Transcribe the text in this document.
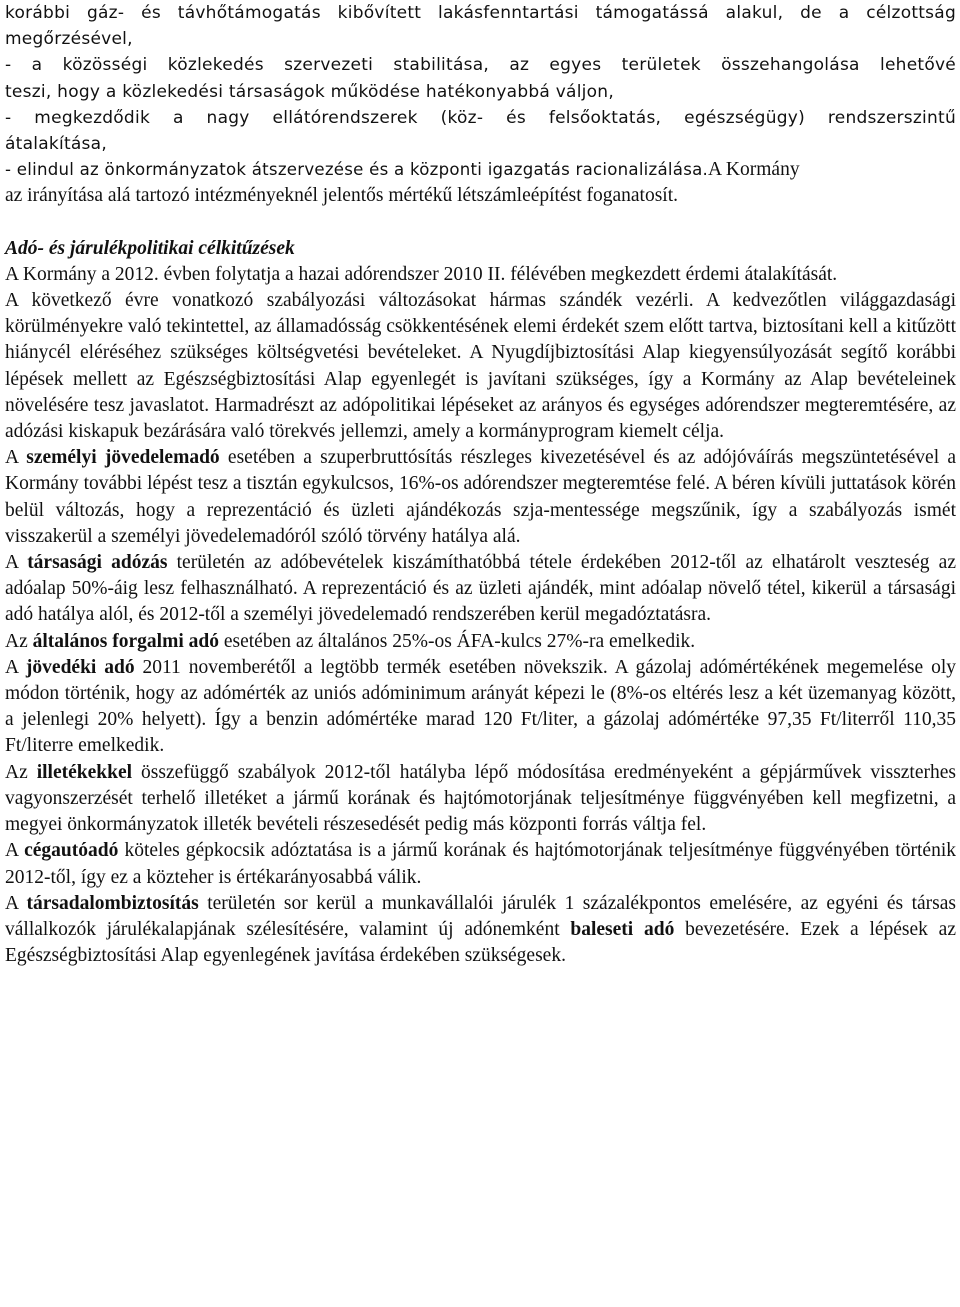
korábbi gáz- és távhőtámogatás kibővített lakásfenntartási támogatássá alakul, de a célzottság
megőrzésével,
- a közösségi közlekedés szervezeti stabilitása, az egyes területek összehangolása lehetővé
teszi, hogy a közlekedési társaságok működése hatékonyabbá váljon,
- megkezdődik a nagy ellátórendszerek (köz- és felsőoktatás, egészségügy) rendszerszintű
átalakítása,
- elindul az önkormányzatok átszervezése és a központi igazgatás racionalizálása.A Kormány
az irányítása alá tartozó intézményeknél jelentős mértékű létszámleépítést foganatosít.

Adó- és járulékpolitikai célkitűzések

A Kormány a 2012. évben folytatja a hazai adórendszer 2010 II. félévében megkezdett érdemi átalakítását.

A következő évre vonatkozó szabályozási változásokat hármas szándék vezérli. A kedvezőtlen világgazdasági körülményekre való tekintettel, az államadósság csökkentésének elemi érdekét szem előtt tartva, biztosítani kell a kitűzött hiánycél eléréséhez szükséges költségvetési bevételeket. A Nyugdíjbiztosítási Alap kiegyensúlyozását segítő korábbi lépések mellett az Egészségbiztosítási Alap egyenlegét is javítani szükséges, így a Kormány az Alap bevételeinek növelésére tesz javaslatot. Harmadrészt az adópolitikai lépéseket az arányos és egységes adórendszer megteremtésére, az adózási kiskapuk bezárására való törekvés jellemzi, amely a kormányprogram kiemelt célja.

A személyi jövedelemadó esetében a szuperbruttósítás részleges kivezetésével és az adójóváírás megszüntetésével a Kormány további lépést tesz a tisztán egykulcsos, 16%-os adórendszer megteremtése felé. A béren kívüli juttatások körén belül változás, hogy a reprezentáció és üzleti ajándékozás szja-mentessége megszűnik, így a szabályozás ismét visszakerül a személyi jövedelemadóról szóló törvény hatálya alá.

A társasági adózás területén az adóbevételek kiszámíthatóbbá tétele érdekében 2012-től az elhatárolt veszteség az adóalap 50%-áig lesz felhasználható. A reprezentáció és az üzleti ajándék, mint adóalap növelő tétel, kikerül a társasági adó hatálya alól, és 2012-től a személyi jövedelemadó rendszerében kerül megadóztatásra.

Az általános forgalmi adó esetében az általános 25%-os ÁFA-kulcs 27%-ra emelkedik.

A jövedéki adó 2011 novemberétől a legtöbb termék esetében növekszik. A gázolaj adómértékének megemelése oly módon történik, hogy az adómérték az uniós adóminimum arányát képezi le (8%-os eltérés lesz a két üzemanyag között, a jelenlegi 20% helyett). Így a benzin adómértéke marad 120 Ft/liter, a gázolaj adómértéke 97,35 Ft/literről 110,35 Ft/literre emelkedik.

Az illetékekkel összefüggő szabályok 2012-től hatályba lépő módosítása eredményeként a gépjárművek visszterhes vagyonszerzését terhelő illetéket a jármű korának és hajtómotorjának teljesítménye függvényében kell megfizetni, a megyei önkormányzatok illeték bevételi részesedését pedig más központi forrás váltja fel.

A cégautóadó köteles gépkocsik adóztatása is a jármű korának és hajtómotorjának teljesítménye függvényében történik 2012-től, így ez a közteher is értékarányosabbá válik.

A társadalombiztosítás területén sor kerül a munkavállalói járulék 1 százalékpontos emelésére, az egyéni és társas vállalkozók járulékalapjának szélesítésére, valamint új adónemként baleseti adó bevezetésére. Ezek a lépések az Egészségbiztosítási Alap egyenlegének javítása érdekében szükségesek.
